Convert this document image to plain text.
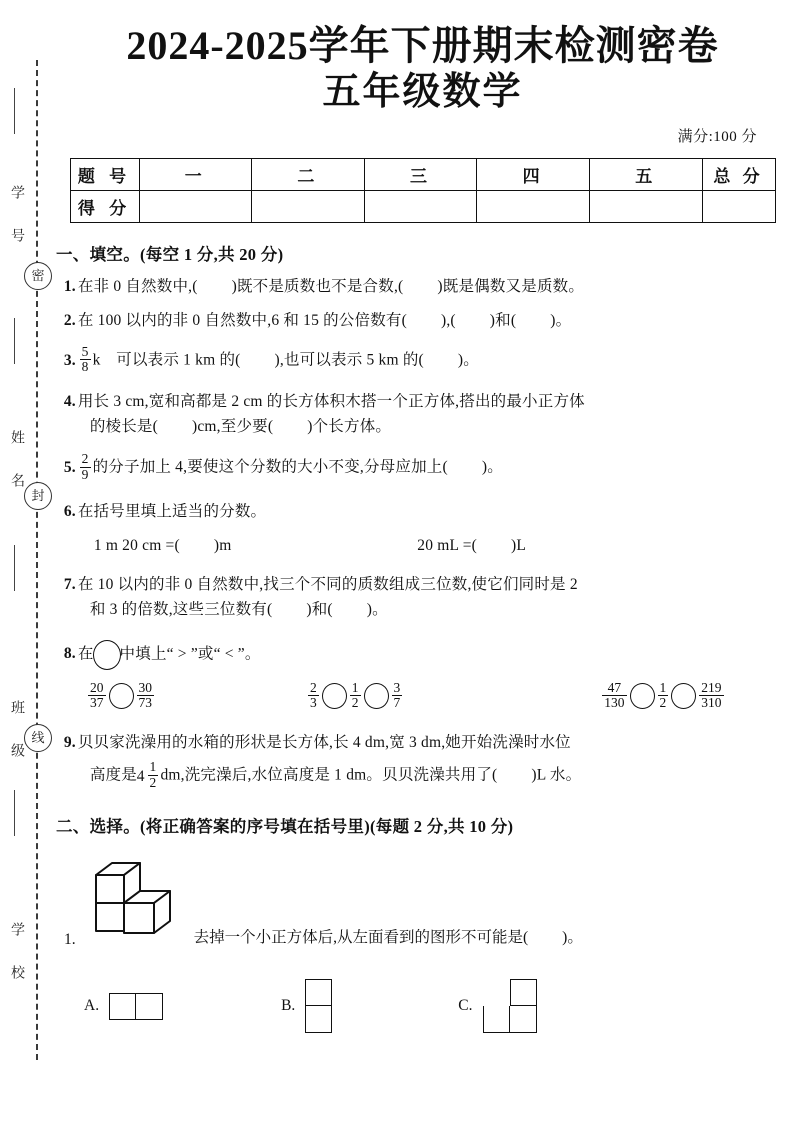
学 号
密
姓 名
封
班 级 线
学 校
2024-2025学年下册期末检测密卷
五年级数学
满分:100 分
题 号	一	二	三	四	五	总 分
得 分						
一、填空。(每空 1 分,共 20 分)
1. 在非 0 自然数中,( )既不是质数也不是合数,( )既是偶数又是质数。
2. 在 100 以内的非 0 自然数中,6 和 15 的公倍数有( ),( )和( )。
3. $\frac{5}{8}$ k　可以表示 1 km 的( ),也可以表示 5 km 的( )。
4. 用长 3 cm,宽和高都是 2 cm 的长方体积木搭一个正方体,搭出的最小正方体
的棱长是( )cm,至少要( )个长方体。
5. $\frac{2}{9}$ 的分子加上 4,要使这个分数的大小不变,分母应加上( )。
6. 在括号里填上适当的分数。
1 m 20 cm =( )m	20 mL =( )L
7. 在 10 以内的非 0 自然数中,找三个不同的质数组成三位数,使它们同时是 2
和 3 的倍数,这些三位数有( )和( )。
8. 在 中填上“ > ”或“ < ”。
$\frac{20}{37} \frac{30}{73}$	$\frac{2}{3} \frac{1}{2} \frac{3}{7}$	$\frac{47}{130} \frac{1}{2} \frac{219}{310}$
9. 贝贝家洗澡用的水箱的形状是长方体,长 4 dm,宽 3 dm,她开始洗澡时水位
高度是 $4 \frac{1}{2}$ dm,洗完澡后,水位高度是 1 dm。贝贝洗澡共用了( )L 水。
二、选择。(将正确答案的序号填在括号里)(每题 2 分,共 10 分)
1.	去掉一个小正方体后,从左面看到的图形不可能是( )。
A.	B.	C.
